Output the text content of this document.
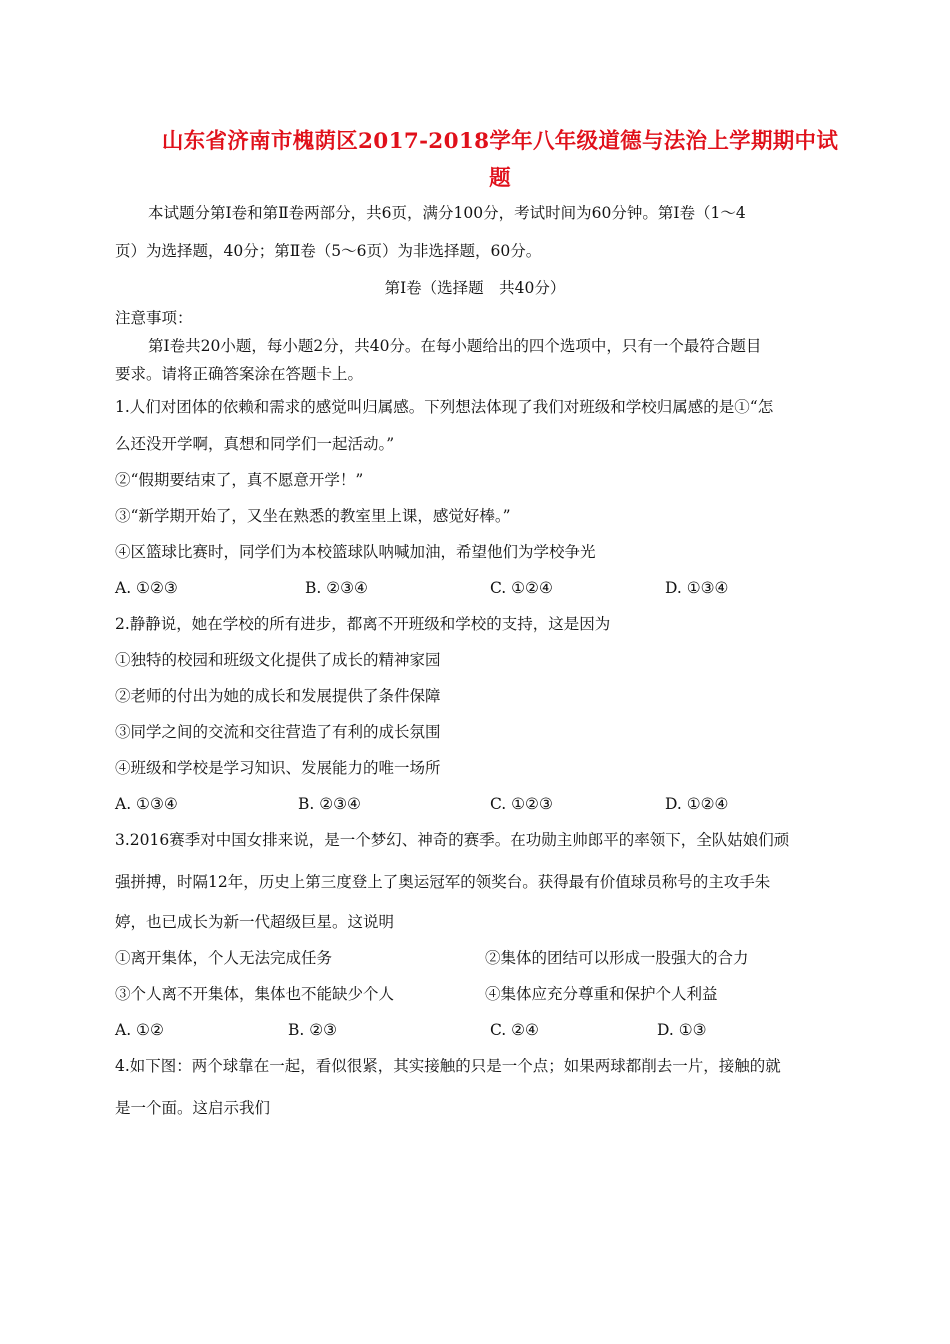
山东省济南市槐荫区2017-2018学年八年级道德与法治上学期期中试
题
本试题分第Ⅰ卷和第Ⅱ卷两部分，共6页，满分100分，考试时间为60分钟。第Ⅰ卷（1～4
页）为选择题，40分；第Ⅱ卷（5～6页）为非选择题，60分。
第Ⅰ卷（选择题　共40分）
注意事项：
第Ⅰ卷共20小题，每小题2分，共40分。在每小题给出的四个选项中，只有一个最符合题目
要求。请将正确答案涂在答题卡上。
1.人们对团体的依赖和需求的感觉叫归属感。下列想法体现了我们对班级和学校归属感的是①“怎
么还没开学啊，真想和同学们一起活动。”
②“假期要结束了，真不愿意开学！”
③“新学期开始了，又坐在熟悉的教室里上课，感觉好棒。”
④区篮球比赛时，同学们为本校篮球队呐喊加油，希望他们为学校争光
A. ①②③	B. ②③④	C. ①②④	D. ①③④
2.静静说，她在学校的所有进步，都离不开班级和学校的支持，这是因为
①独特的校园和班级文化提供了成长的精神家园
②老师的付出为她的成长和发展提供了条件保障
③同学之间的交流和交往营造了有利的成长氛围
④班级和学校是学习知识、发展能力的唯一场所
A. ①③④	B. ②③④	C. ①②③	D. ①②④
3.2016赛季对中国女排来说，是一个梦幻、神奇的赛季。在功勋主帅郎平的率领下，全队姑娘们顽
强拼搏，时隔12年，历史上第三度登上了奥运冠军的领奖台。获得最有价值球员称号的主攻手朱
婷，也已成长为新一代超级巨星。这说明
①离开集体，个人无法完成任务	②集体的团结可以形成一股强大的合力
③个人离不开集体，集体也不能缺少个人	④集体应充分尊重和保护个人利益
A. ①②	B. ②③	C. ②④	D. ①③
4.如下图：两个球靠在一起，看似很紧，其实接触的只是一个点；如果两球都削去一片，接触的就
是一个面。这启示我们
